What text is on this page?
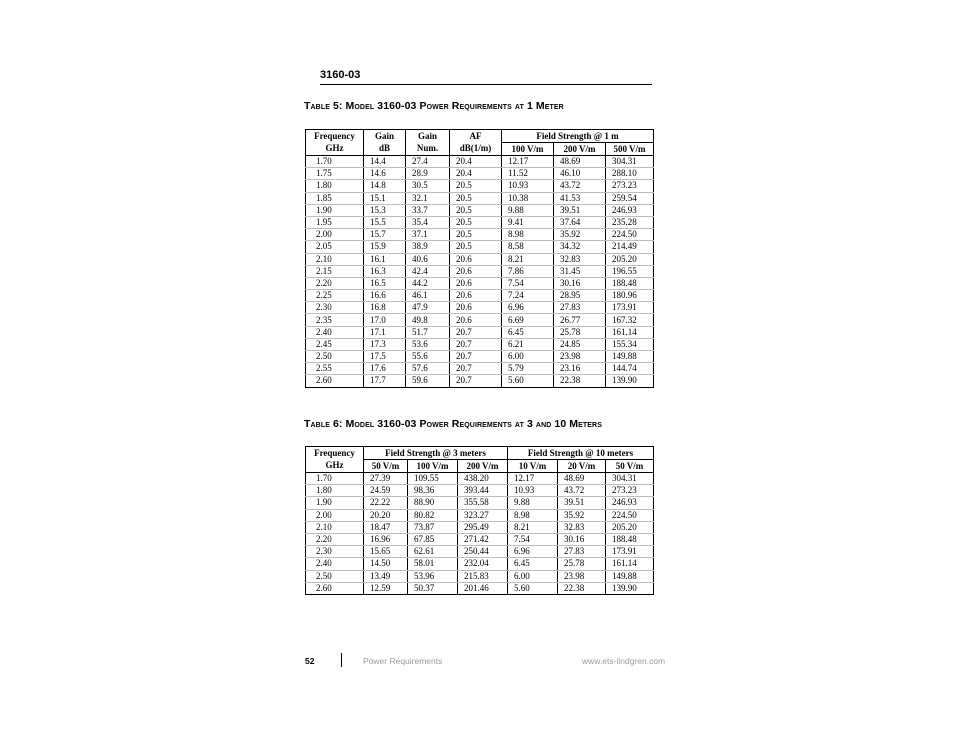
3160-03
Table 5: Model 3160-03 Power Requirements at 1 Meter
Frequency	Gain	Gain	AF	Field Strength @ 1 m		
GHz	dB	Num.	dB(1/m)	100 V/m	200 V/m	500 V/m
1.70	14.4	27.4	20.4	12.17	48.69	304.31
1.75	14.6	28.9	20.4	11.52	46.10	288.10
1.80	14.8	30.5	20.5	10.93	43.72	273.23
1.85	15.1	32.1	20.5	10.38	41.53	259.54
1.90	15.3	33.7	20.5	9.88	39.51	246.93
1.95	15.5	35.4	20.5	9.41	37.64	235.28
2.00	15.7	37.1	20.5	8.98	35.92	224.50
2.05	15.9	38.9	20.5	8.58	34.32	214.49
2.10	16.1	40.6	20.6	8.21	32.83	205.20
2.15	16.3	42.4	20.6	7.86	31.45	196.55
2.20	16.5	44.2	20.6	7.54	30.16	188.48
2.25	16.6	46.1	20.6	7.24	28.95	180.96
2.30	16.8	47.9	20.6	6.96	27.83	173.91
2.35	17.0	49.8	20.6	6.69	26.77	167.32
2.40	17.1	51.7	20.7	6.45	25.78	161.14
2.45	17.3	53.6	20.7	6.21	24.85	155.34
2.50	17.5	55.6	20.7	6.00	23.98	149.88
2.55	17.6	57.6	20.7	5.79	23.16	144.74
2.60	17.7	59.6	20.7	5.60	22.38	139.90
Table 6: Model 3160-03 Power Requirements at 3 and 10 Meters
Frequency	Field Strength @ 3 meters			Field Strength @ 10 meters		
GHz	50 V/m	100 V/m	200 V/m	10 V/m	20 V/m	50 V/m
1.70	27.39	109.55	438.20	12.17	48.69	304.31
1.80	24.59	98.36	393.44	10.93	43.72	273.23
1.90	22.22	88.90	355.58	9.88	39.51	246.93
2.00	20.20	80.82	323.27	8.98	35.92	224.50
2.10	18.47	73.87	295.49	8.21	32.83	205.20
2.20	16.96	67.85	271.42	7.54	30.16	188.48
2.30	15.65	62.61	250.44	6.96	27.83	173.91
2.40	14.50	58.01	232.04	6.45	25.78	161.14
2.50	13.49	53.96	215.83	6.00	23.98	149.88
2.60	12.59	50.37	201.46	5.60	22.38	139.90
52	Power Requirements	www.ets-lindgren.com
